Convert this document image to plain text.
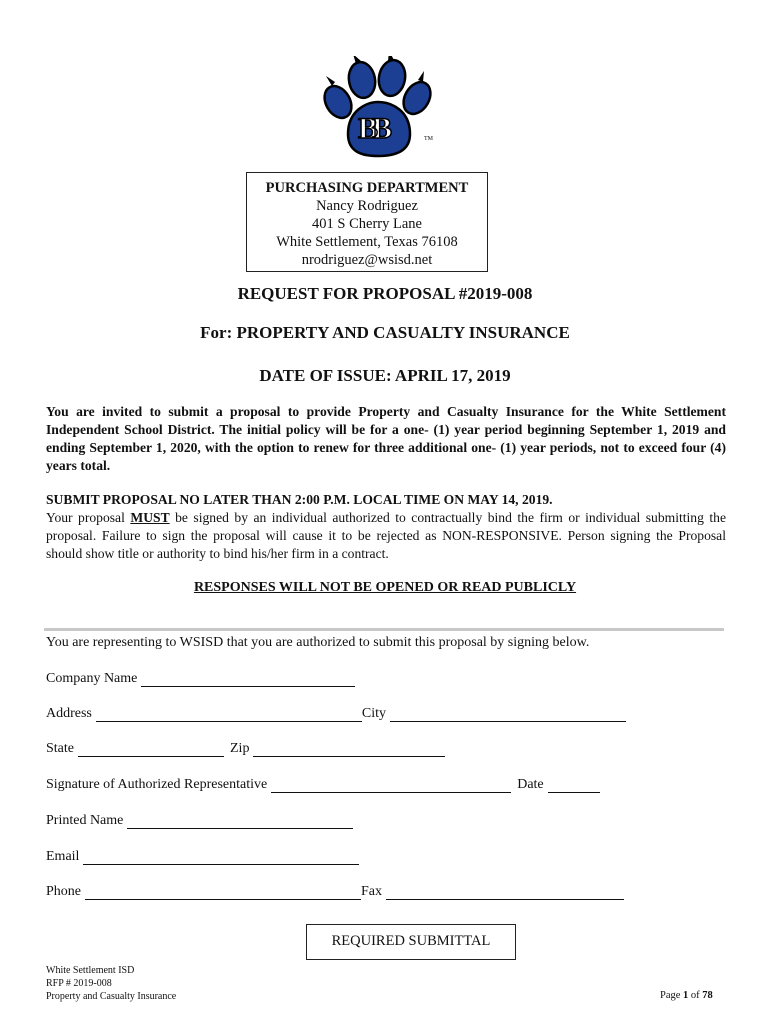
BB	TM
PURCHASING DEPARTMENT
Nancy Rodriguez
401 S Cherry Lane
White Settlement, Texas 76108
nrodriguez@wsisd.net
REQUEST FOR PROPOSAL #2019-008
For: PROPERTY AND CASUALTY INSURANCE
DATE OF ISSUE: APRIL 17, 2019
You are invited to submit a proposal to provide Property and Casualty Insurance for the White Settlement Independent School District. The initial policy will be for a one- (1) year period beginning September 1, 2019 and ending September 1, 2020, with the option to renew for three additional one- (1) year periods, not to exceed four (4) years total.
SUBMIT PROPOSAL NO LATER THAN 2:00 P.M. LOCAL TIME ON MAY 14, 2019.
Your proposal MUST be signed by an individual authorized to contractually bind the firm or individual submitting the proposal. Failure to sign the proposal will cause it to be rejected as NON-RESPONSIVE. Person signing the Proposal should show title or authority to bind his/her firm in a contract.
RESPONSES WILL NOT BE OPENED OR READ PUBLICLY
You are representing to WSISD that you are authorized to submit this proposal by signing below.
Company Name
Address	City
State	Zip
Signature of Authorized Representative	Date
Printed Name
Email
Phone	Fax
REQUIRED SUBMITTAL
White Settlement ISD
RFP # 2019-008
Property and Casualty Insurance	Page 1 of 78
